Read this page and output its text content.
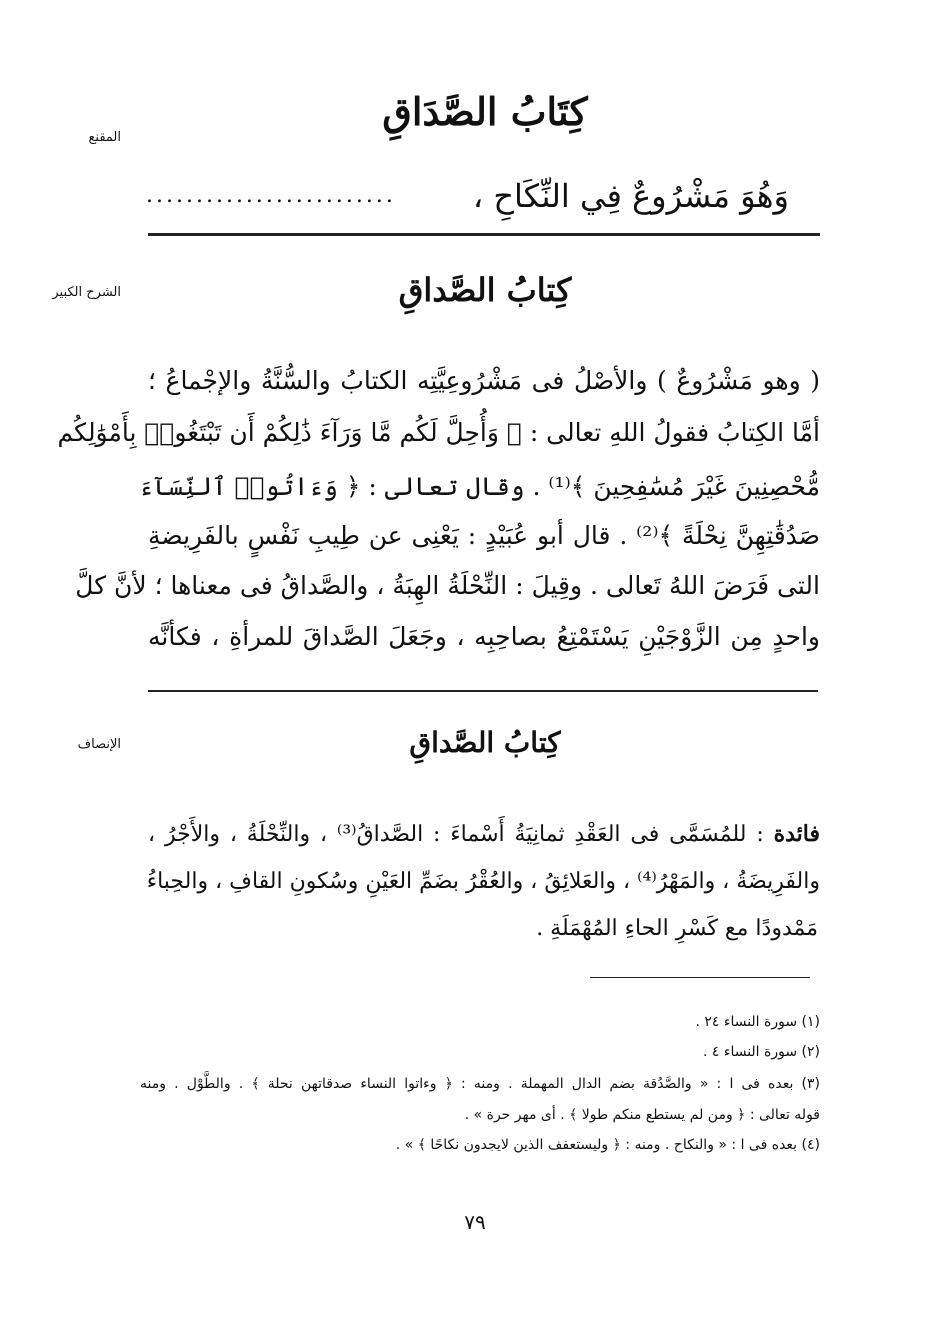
المقنع
كِتَابُ الصَّدَاقِ
وَهُوَ مَشْرُوعٌ فِي النِّكَاحِ ،
.........................
الشرح الكبير	كِتابُ الصَّداقِ
( وهو مَشْرُوعٌ ) والأصْلُ فى مَشْرُوعِيَّتِه الكتابُ والسُّنَّةُ والإجْماعُ ؛
أمَّا الكِتابُ فقولُ اللهِ تعالى : ﴿ وَأُحِلَّ لَكُم مَّا وَرَآءَ ذَٰلِكُمْ أَن تَبْتَغُوا۟ بِأَمْوَٰلِكُم
مُّحْصِنِينَ غَيْرَ مُسَٰفِحِينَ ﴾⁽¹⁾ . وقال تعالى : ﴿ وَءَاتُوا۟ ٱلنِّسَآءَ
صَدُقَٰتِهِنَّ نِحْلَةً ﴾⁽²⁾ . قال أبو عُبَيْدٍ : يَعْنِى عن طِيبِ نَفْسٍ بالفَرِيضةِ
التى فَرَضَ اللهُ تَعالى . وقِيلَ : النِّحْلَةُ الهِبَةُ ، والصَّداقُ فى معناها ؛ لأنَّ كلَّ
واحدٍ مِن الزَّوْجَيْنِ يَسْتَمْتِعُ بصاحِبِه ، وجَعَلَ الصَّداقَ للمرأةِ ، فكأنَّه
الإنصاف	كِتابُ الصَّداقِ
فائدة : للمُسَمَّى فى العَقْدِ ثمانِيَةُ أَسْماءَ : الصَّداقُ⁽³⁾ ، والنِّحْلَةُ ، والأَجْرُ ،
والفَرِيضَةُ ، والمَهْرُ⁽⁴⁾ ، والعَلائِقُ ، والعُقْرُ بضَمِّ العَيْنِ وسُكونِ القافِ ، والحِباءُ
مَمْدودًا مع كَسْرِ الحاءِ المُهْمَلَةِ .
(١) سورة النساء ٢٤ .
(٢) سورة النساء ٤ .
(٣) بعده فى ا : « والصَّدُقة بضم الدال المهملة . ومنه : ﴿ وءاتوا النساء صدقاتهن نحلة ﴾ . والطَّوْل . ومنه
قوله تعالى : ﴿ ومن لم يستطع منكم طولا ﴾ . أى مهر حرة » .
(٤) بعده فى ا : « والنكاح . ومنه : ﴿ وليستعفف الذين لايجدون نكاحًا ﴾ » .
٧٩
